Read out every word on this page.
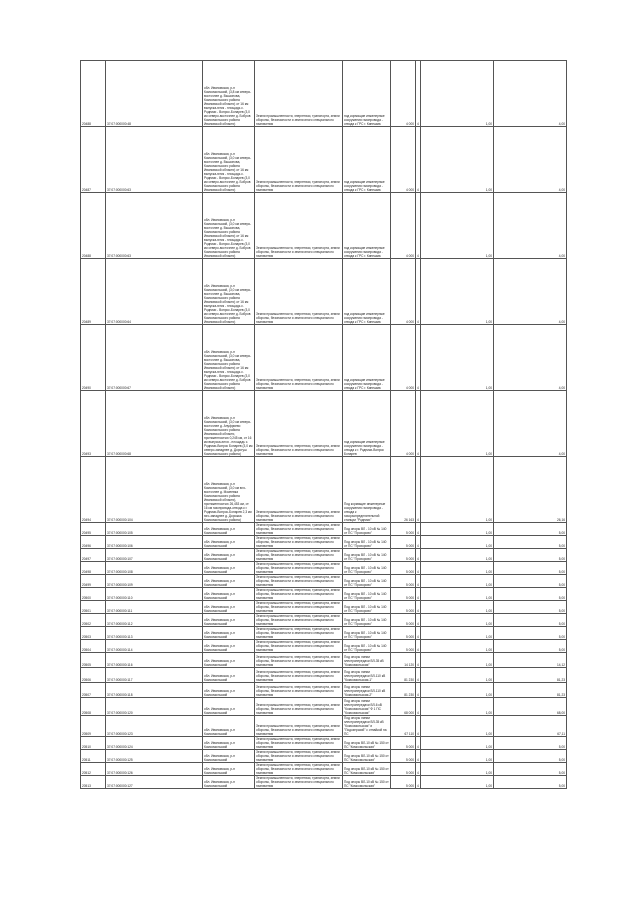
20488	37:07:000000:48	обл. Ивановская, р-н Комсомольский, (3,8 км северо-восточнее д. Вышонова, Комсомольского района Ивановской области) от 16 км выпуска-ются - площадь с. Родники - Вопрос-Бонарев (3,0 км северо-восточнее д. Бобров Комсомольского района Ивановской области)	Земли промышленности, энергетики, транспорта, земли обороны, безопасности и земли иного специального назначения	под кормящие инженерные сооружения газопровода - отвода к ГРС г. Кинешма	4 000	4	1,00	4,00
20487	37:07:000000:63	обл. Ивановская, р-н Комсомольский, (3,0 км северо-восточнее д. Вышонова, Комсомольского района Ивановской области) от 16 км выпуска-ются - площадь с. Родники - Вопрос-Бонарев (3,0 км северо-восточнее д. Бобров Комсомольского района Ивановской области)	Земли промышленности, энергетики, транспорта, земли обороны, безопасности и земли иного специального назначения	под кормящие инженерные сооружения газопровода - отвода к ГРС г. Кинешма	4 000	4	1,00	4,00
20488	37:07:000000:63	обл. Ивановская, р-н Комсомольский, (3,0 км северо-восточнее д. Вышонова, Комсомольского района Ивановской области) от 16 км выпуска-ются - площадь с. Родники - Вопрос-Бонарев (3,0 км северо-восточнее д. Бобров Комсомольского района Ивановской области)	Земли промышленности, энергетики, транспорта, земли обороны, безопасности и земли иного специального назначения	под кормящие инженерные сооружения газопровода - отвода к ГРС г. Кинешма	4 000	4	1,00	4,00
20489	37:07:000000:64	обл. Ивановская, р-н Комсомольский, (3,0 км северо-восточнее д. Вышонова, Комсомольского района Ивановской области) от 16 км выпуска-ются - площадь с. Родники - Вопрос-Бонарев (3,0 км северо-восточнее д. Бобров Комсомольского района Ивановской области)	Земли промышленности, энергетики, транспорта, земли обороны, безопасности и земли иного специального назначения	под кормящие инженерные сооружения газопровода - отвода к ГРС г. Кинешма	4 000	4	1,00	4,00
20490	37:07:000000:67	обл. Ивановская, р-н Комсомольский, (3,0 км северо-восточнее д. Вышонова, Комсомольского района Ивановской области) от 16 км выпуска-ются - площадь с. Родники - Вопрос-Бонарев (3,0 км северо-восточнее д. Бобров Комсомольского района Ивановской области)	Земли промышленности, энергетики, транспорта, земли обороны, безопасности и земли иного специального назначения	под кормящие инженерные сооружения газопровода - отвода к ГРС г. Кинешма	4 000	4	1,00	4,00
20493	37:07:000000:68	обл. Ивановская, р-н Комсомольский, (3,0 км северо-восточнее д. Ануфриево Комсомольского района Ивановской области, протяженностью 0,245 км, от 16 км выпуска-ются - площадь с. Родники-Вопрос Бонарев (3,0 км северо-западнее д. Дорогуш Комсомольского района)	Земли промышленности, энергетики, транспорта, земли обороны, безопасности и земли иного специального назначения	под кормящие инженерные сооружения газопровода - отвода к г. Родники-Вопрос Бонарев	4 000	4	1,00	4,00
20494	37:07:000000:104	обл. Ивановская, р-н Комсомольский, (3,0 км юго-восточнее д. Мокеевка Комсомольского района Ивановской области), протяженностью 26,453 км, от 16 км газопровода-отвода к г. Родники-Вопрос-Бонарев 2,3 км юго-западнее д. Дорожка Комсомольского района)	Земли промышленности, энергетики, транспорта, земли обороны, безопасности и земли иного специального назначения	Под кормящие инженерные сооружения газопровода - отвода к газораспределительной станции "Родники"	26 163	4	1,00	26,16
20495	37:07:000000:105	обл. Ивановская, р-н Комсомольский	Земли промышленности, энергетики, транспорта, земли обороны, безопасности и земли иного специального назначения	Под опоры ВЛ - 10 кВ № 140 от ПС "Прохорово"	5 000	4	1,00	5,00
20496	37:07:000000:106	обл. Ивановская, р-н Комсомольский	Земли промышленности, энергетики, транспорта, земли обороны, безопасности и земли иного специального назначения	Под опоры ВЛ - 10 кВ № 140 от ПС "Прохорово"	5 000	4	1,00	5,00
20497	37:07:000000:107	обл. Ивановская, р-н Комсомольский	Земли промышленности, энергетики, транспорта, земли обороны, безопасности и земли иного специального назначения	Под опоры ВЛ - 10 кВ № 140 от ПС "Прохорово"	5 000	4	1,00	5,00
20498	37:07:000000:108	обл. Ивановская, р-н Комсомольский	Земли промышленности, энергетики, транспорта, земли обороны, безопасности и земли иного специального назначения	Под опоры ВЛ - 10 кВ № 140 от ПС "Прохорово"	5 000	4	1,00	5,00
20499	37:07:000000:109	обл. Ивановская, р-н Комсомольский	Земли промышленности, энергетики, транспорта, земли обороны, безопасности и земли иного специального назначения	Под опоры ВЛ - 10 кВ № 140 от ПС "Прохорово"	5 000	4	1,00	5,00
20500	37:07:000000:110	обл. Ивановская, р-н Комсомольский	Земли промышленности, энергетики, транспорта, земли обороны, безопасности и земли иного специального назначения	Под опоры ВЛ - 10 кВ № 140 от ПС "Прохорово"	5 000	4	1,00	5,00
20501	37:07:000000:111	обл. Ивановская, р-н Комсомольский	Земли промышленности, энергетики, транспорта, земли обороны, безопасности и земли иного специального назначения	Под опоры ВЛ - 10 кВ № 140 от ПС "Прохорово"	5 000	4	1,00	5,00
20502	37:07:000000:112	обл. Ивановская, р-н Комсомольский	Земли промышленности, энергетики, транспорта, земли обороны, безопасности и земли иного специального назначения	Под опоры ВЛ - 10 кВ № 140 от ПС "Прохорово"	5 000	4	1,00	5,00
20503	37:07:000000:113	обл. Ивановская, р-н Комсомольский	Земли промышленности, энергетики, транспорта, земли обороны, безопасности и земли иного специального назначения	Под опоры ВЛ - 10 кВ № 140 от ПС "Прохорово"	5 000	4	1,00	5,00
20504	37:07:000000:114	обл. Ивановская, р-н Комсомольский	Земли промышленности, энергетики, транспорта, земли обороны, безопасности и земли иного специального назначения	Под опоры ВЛ - 10 кВ № 140 от ПС "Прохорово"	5 000	4	1,00	5,00
20505	37:07:000000:116	обл. Ивановская, р-н Комсомольский	Земли промышленности, энергетики, транспорта, земли обороны, безопасности и земли иного специального назначения	Под опоры линии электропередачи ВЛ-35 кВ "Комсомольская"	14 120	4	1,00	14,12
20506	37:07:000000:117	обл. Ивановская, р-н Комсомольский	Земли промышленности, энергетики, транспорта, земли обороны, безопасности и земли иного специального назначения	Под опоры линии электропередачи ВЛ-110 кВ "Комсомольская-1"	81 230	4	1,00	81,23
20507	37:07:000000:118	обл. Ивановская, р-н Комсомольский	Земли промышленности, энергетики, транспорта, земли обороны, безопасности и земли иного специального назначения	Под опоры линии электропередачи ВЛ-110 кВ "Комсомольская-2"	81 230	4	1,00	81,23
20508	37:07:000000:120	обл. Ивановская, р-н Комсомольский	Земли промышленности, энергетики, транспорта, земли обороны, безопасности и земли иного специального назначения	Под опоры линии электропередачи ВЛ-6 кВ "Комсомольская" Ф 1 ПС "Комсомольская"	68 000	4	1,00	68,00
20509	37:07:000000:123	обл. Ивановская, р-н Комсомольский	Земли промышленности, энергетики, транспорта, земли обороны, безопасности и земли иного специального назначения	Под опоры линии электропередачи ВЛ-35 кВ "Комсомольская" и "Подозерский" с отпайкой на ПС	67 110	4	1,00	67,11
20510	37:07:000000:124	обл. Ивановская, р-н Комсомольский	Земли промышленности, энергетики, транспорта, земли обороны, безопасности и земли иного специального назначения	Под опоры ВЛ-10 кВ № 150 от ПС "Комсомольская"	5 000	4	1,00	5,00
20511	37:07:000000:125	обл. Ивановская, р-н Комсомольский	Земли промышленности, энергетики, транспорта, земли обороны, безопасности и земли иного специального назначения	Под опоры ВЛ-10 кВ № 150 от ПС "Комсомольская"	5 000	4	1,00	5,00
20512	37:07:000000:126	обл. Ивановская, р-н Комсомольский	Земли промышленности, энергетики, транспорта, земли обороны, безопасности и земли иного специального назначения	Под опоры ВЛ-10 кВ № 150 от ПС "Комсомольская"	5 000	4	1,00	5,00
20513	37:07:000000:127	обл. Ивановская, р-н Комсомольский	Земли промышленности, энергетики, транспорта, земли обороны, безопасности и земли иного специального назначения	Под опоры ВЛ-10 кВ № 150 от ПС "Комсомольская"	5 000	4	1,00	5,00
